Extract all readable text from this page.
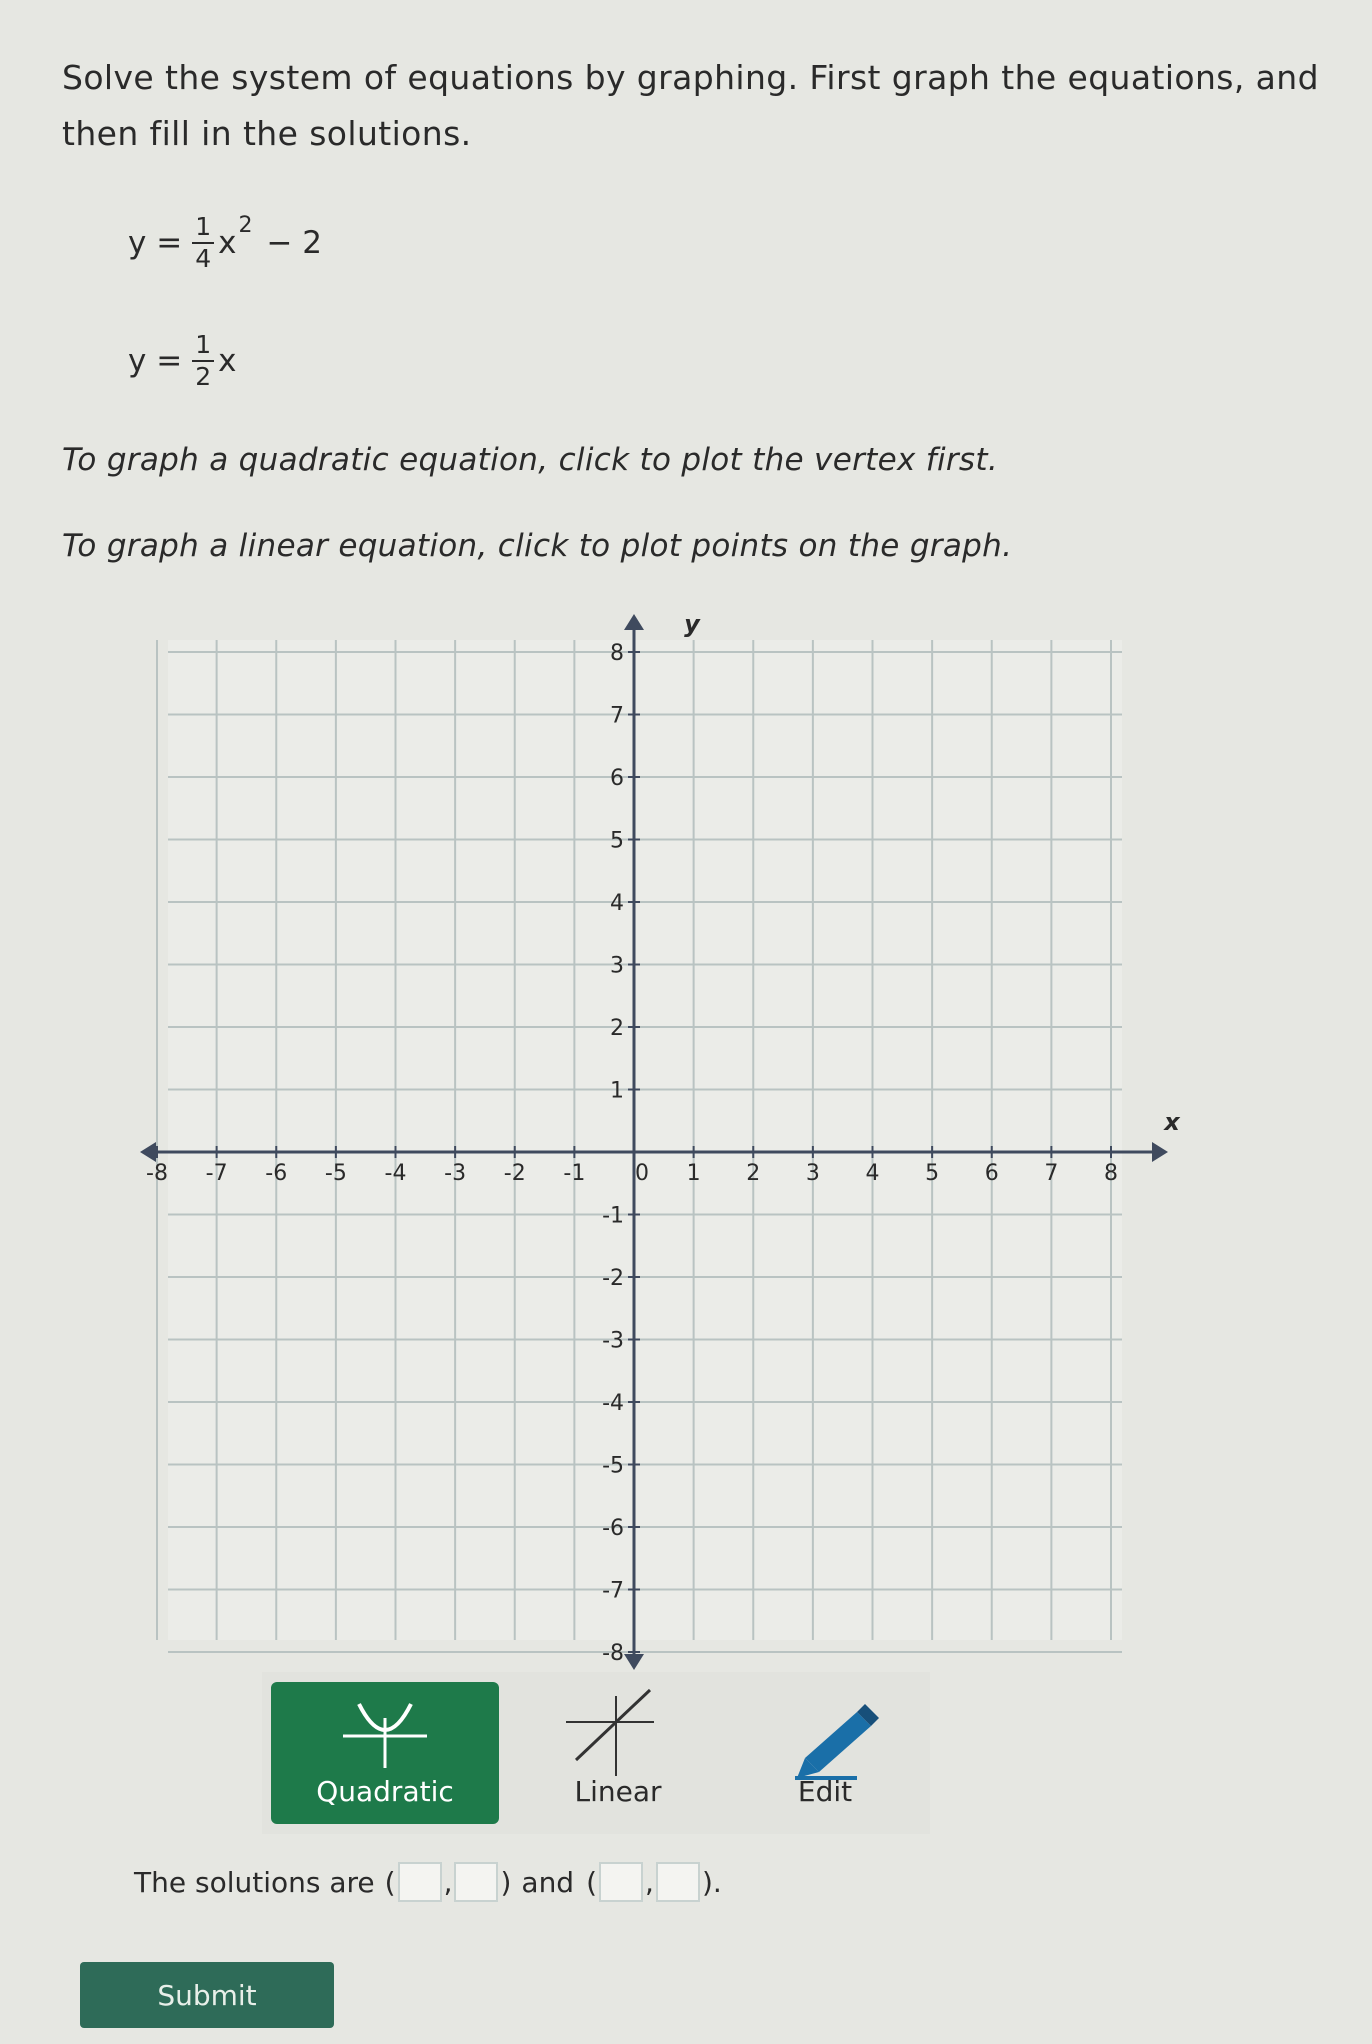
Solve the system of equations by graphing. First graph the equations, and
then fill in the solutions.
$y = \frac{1}{4}$ x 2 − 2
$y = \frac{1}{2}$ x
To graph a quadratic equation, click to plot the vertex first.
To graph a linear equation, click to plot points on the graph.
-8 -7 -6 -5 -4 -3 -2 -1	1 2 3 4 5 6 7 8
8
7
6
5
4
3
2
1
-1
-2
-3
-4
-5
-6
-7
-8
0
x
y
Quadratic	Linear	Edit
The solutions are ( , ) and ( , ).
Submit
